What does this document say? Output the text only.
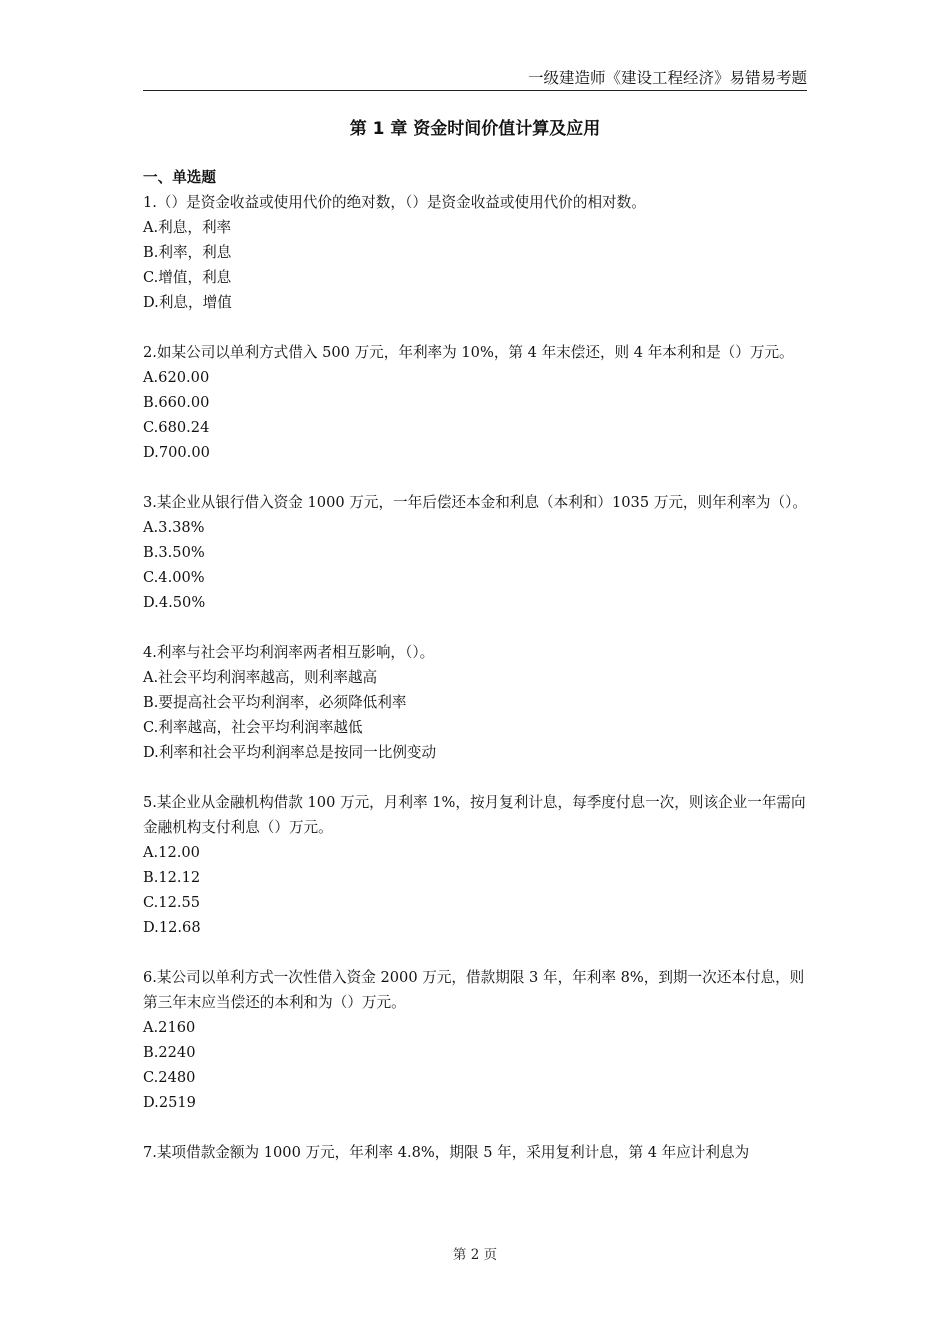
一级建造师《建设工程经济》易错易考题
第 1 章 资金时间价值计算及应用
一、单选题

1.（）是资金收益或使用代价的绝对数，（）是资金收益或使用代价的相对数。

A.利息，利率

B.利率，利息

C.增值，利息

D.利息，增值

2.如某公司以单利方式借入 500 万元，年利率为 10%，第 4 年末偿还，则 4 年本利和是（）万元。

A.620.00

B.660.00

C.680.24

D.700.00

3.某企业从银行借入资金 1000 万元，一年后偿还本金和利息（本利和）1035 万元，则年利率为（）。

A.3.38%

B.3.50%

C.4.00%

D.4.50%

4.利率与社会平均利润率两者相互影响，（）。

A.社会平均利润率越高，则利率越高

B.要提高社会平均利润率，必须降低利率

C.利率越高，社会平均利润率越低

D.利率和社会平均利润率总是按同一比例变动

5.某企业从金融机构借款 100 万元，月利率 1%，按月复利计息，每季度付息一次，则该企业一年需向金融机构支付利息（）万元。

A.12.00

B.12.12

C.12.55

D.12.68

6.某公司以单利方式一次性借入资金 2000 万元，借款期限 3 年，年利率 8%，到期一次还本付息，则第三年末应当偿还的本利和为（）万元。

A.2160

B.2240

C.2480

D.2519

7.某项借款金额为 1000 万元，年利率 4.8%，期限 5 年，采用复利计息，第 4 年应计利息为

第 2 页
